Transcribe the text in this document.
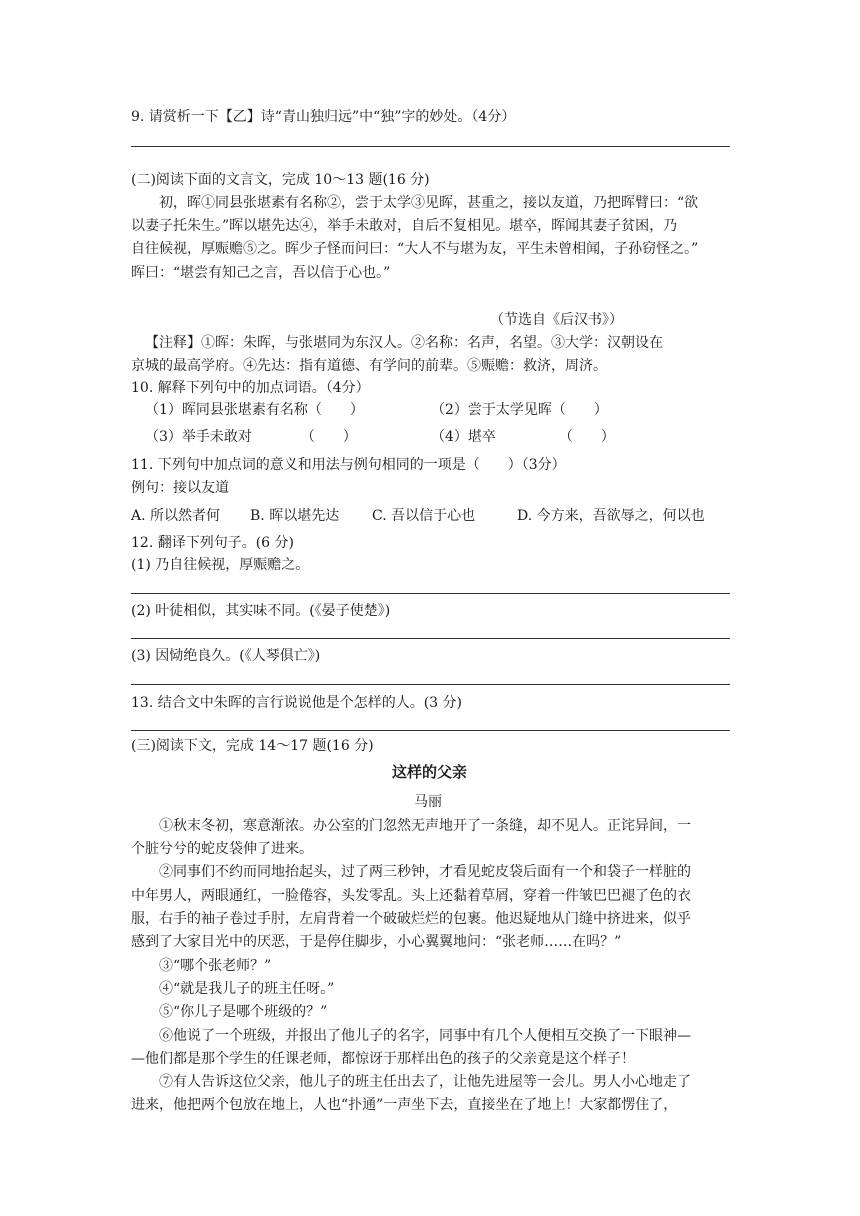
9. 请赏析一下【乙】诗“青山独归远”中“独”字的妙处。（4分）
(二)阅读下面的文言文，完成 10～13 题(16 分)
初，晖①同县张堪素有名称②，尝于太学③见晖，甚重之，接以友道，乃把晖臂曰：“欲
以妻子托朱生。”晖以堪先达④，举手未敢对，自后不复相见。堪卒，晖闻其妻子贫困，乃
自往候视，厚赈赡⑤之。晖少子怪而问曰：“大人不与堪为友，平生未曾相闻，子孙窃怪之。”
晖曰：“堪尝有知己之言，吾以信于心也。”
（节选自《后汉书》）
【注释】①晖：朱晖，与张堪同为东汉人。②名称：名声，名望。③大学：汉朝设在
京城的最高学府。④先达：指有道德、有学问的前辈。⑤赈赡：救济，周济。
10. 解释下列句中的加点词语。（4分）
（1）晖同县张堪素有名称（　　）	（2）尝于太学见晖（　　）
（3）举手未敢对　　　　（　　）	（4）堪卒　　　　　（　　）
11. 下列句中加点词的意义和用法与例句相同的一项是（　　）（3分）
例句：接以友道
A. 所以然者何 B. 晖以堪先达 C. 吾以信于心也	D. 今方来，吾欲辱之，何以也
12. 翻译下列句子。(6 分)
(1) 乃自往候视，厚赈赡之。
(2) 叶徒相似，其实味不同。(《晏子使楚》)
(3) 因恸绝良久。(《人琴俱亡》)
13. 结合文中朱晖的言行说说他是个怎样的人。(3 分)
(三)阅读下文，完成 14～17 题(16 分)
这样的父亲
马丽
①秋末冬初，寒意渐浓。办公室的门忽然无声地开了一条缝，却不见人。正诧异间，一
个脏兮兮的蛇皮袋伸了进来。
②同事们不约而同地抬起头，过了两三秒钟，才看见蛇皮袋后面有一个和袋子一样脏的
中年男人，两眼通红，一脸倦容，头发零乱。头上还黏着草屑，穿着一件皱巴巴褪了色的衣
服，右手的袖子卷过手肘，左肩背着一个破破烂烂的包裹。他迟疑地从门缝中挤进来，似乎
感到了大家目光中的厌恶，于是停住脚步，小心翼翼地问：“张老师……在吗？”
③“哪个张老师？”
④“就是我儿子的班主任呀。”
⑤“你儿子是哪个班级的？”
⑥他说了一个班级，并报出了他儿子的名字，同事中有几个人便相互交换了一下眼神—
—他们都是那个学生的任课老师，都惊讶于那样出色的孩子的父亲竟是这个样子！
⑦有人告诉这位父亲，他儿子的班主任出去了，让他先进屋等一会儿。男人小心地走了
进来，他把两个包放在地上，人也“扑通”一声坐下去，直接坐在了地上！大家都愣住了，
